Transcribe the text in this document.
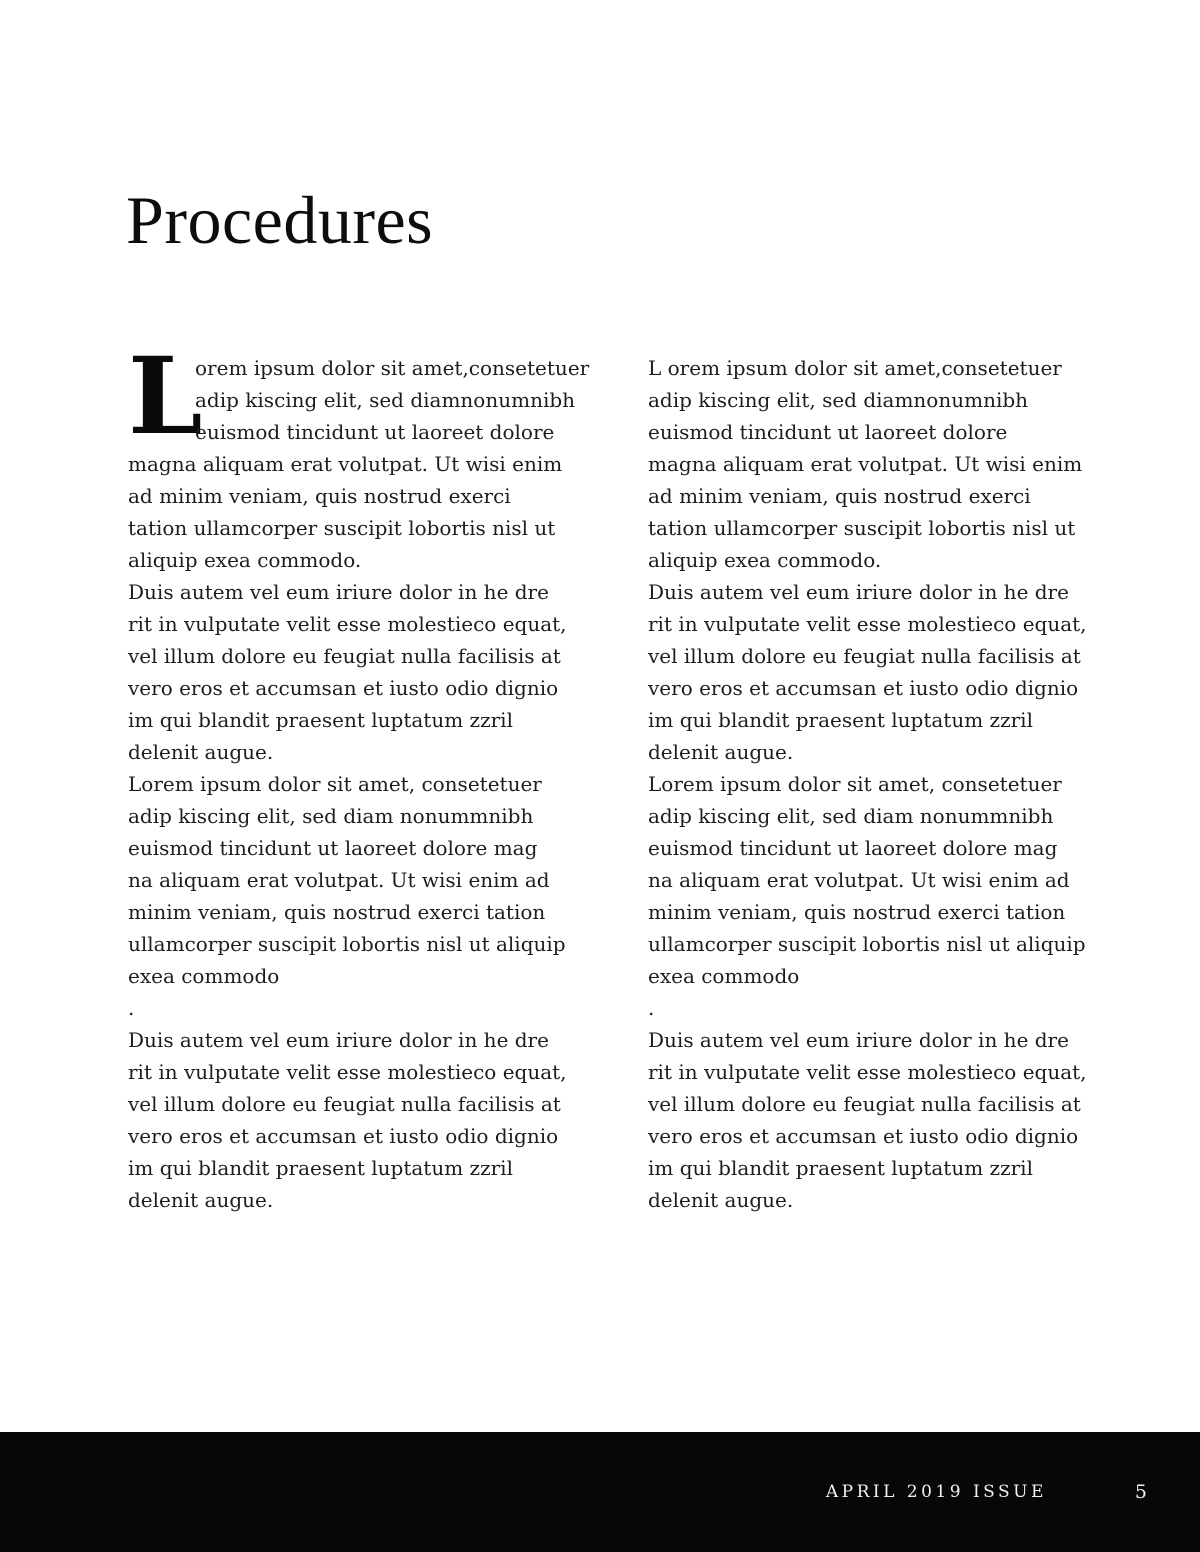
Procedures
L
orem ipsum dolor sit amet,consetetuer
adip kiscing elit, sed diamnonumnibh
euismod tincidunt ut laoreet dolore
magna aliquam erat volutpat. Ut wisi enim
ad minim veniam, quis nostrud exerci
tation ullamcorper suscipit lobortis nisl ut
aliquip exea commodo.
Duis autem vel eum iriure dolor in he dre
rit in vulputate velit esse molestieco equat,
vel illum dolore eu feugiat nulla facilisis at
vero eros et accumsan et iusto odio dignio
im qui blandit praesent luptatum zzril
delenit augue.
Lorem ipsum dolor sit amet, consetetuer
adip kiscing elit, sed diam nonummnibh
euismod tincidunt ut laoreet dolore mag
na aliquam erat volutpat. Ut wisi enim ad
minim veniam, quis nostrud exerci tation
ullamcorper suscipit lobortis nisl ut aliquip
exea commodo
.
Duis autem vel eum iriure dolor in he dre
rit in vulputate velit esse molestieco equat,
vel illum dolore eu feugiat nulla facilisis at
vero eros et accumsan et iusto odio dignio
im qui blandit praesent luptatum zzril
delenit augue.
L orem ipsum dolor sit amet,consetetuer
adip kiscing elit, sed diamnonumnibh
euismod tincidunt ut laoreet dolore
magna aliquam erat volutpat. Ut wisi enim
ad minim veniam, quis nostrud exerci
tation ullamcorper suscipit lobortis nisl ut
aliquip exea commodo.
Duis autem vel eum iriure dolor in he dre
rit in vulputate velit esse molestieco equat,
vel illum dolore eu feugiat nulla facilisis at
vero eros et accumsan et iusto odio dignio
im qui blandit praesent luptatum zzril
delenit augue.
Lorem ipsum dolor sit amet, consetetuer
adip kiscing elit, sed diam nonummnibh
euismod tincidunt ut laoreet dolore mag
na aliquam erat volutpat. Ut wisi enim ad
minim veniam, quis nostrud exerci tation
ullamcorper suscipit lobortis nisl ut aliquip
exea commodo
.
Duis autem vel eum iriure dolor in he dre
rit in vulputate velit esse molestieco equat,
vel illum dolore eu feugiat nulla facilisis at
vero eros et accumsan et iusto odio dignio
im qui blandit praesent luptatum zzril
delenit augue.
APRIL 2019 ISSUE	5
